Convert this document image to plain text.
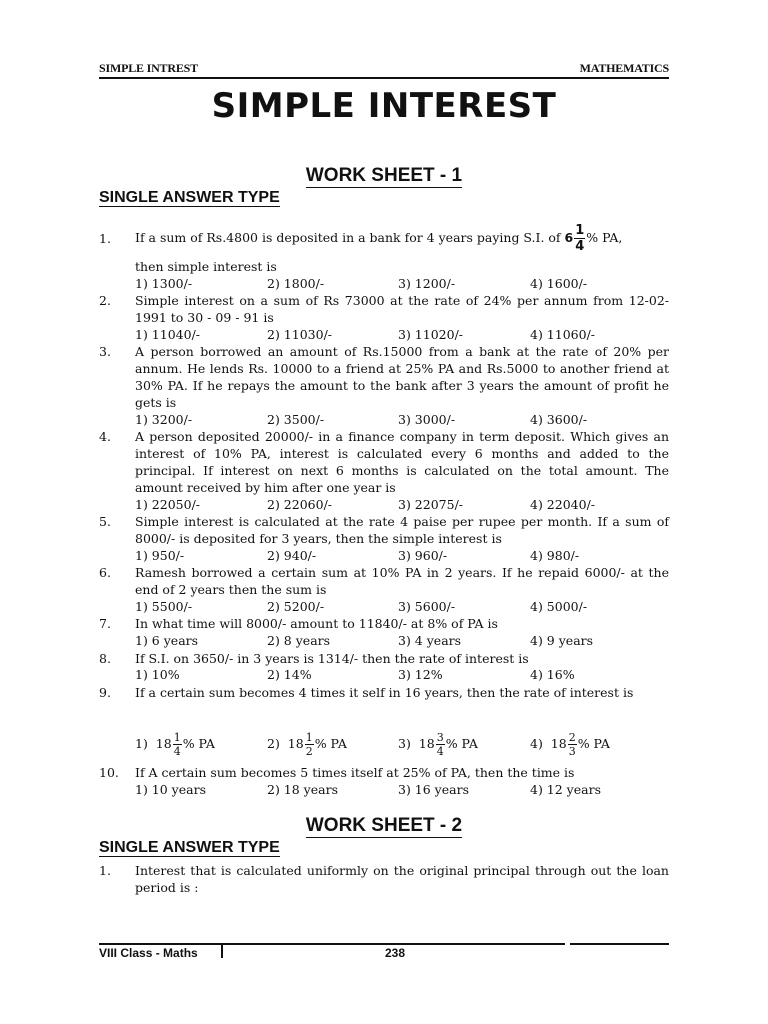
SIMPLE INTREST	MATHEMATICS
SIMPLE INTEREST
WORK SHEET - 1
SINGLE ANSWER TYPE
1. If a sum of Rs.4800 is deposited in a bank for 4 years paying S.I. of $6 \frac{1}{4}$ % PA,
then simple interest is
1) 1300/-	2) 1800/-	3) 1200/-	4) 1600/-
2. Simple interest on a sum of Rs 73000 at the rate of 24% per annum from 12-02-1991 to 30 - 09 - 91 is
1) 11040/-	2) 11030/-	3) 11020/-	4) 11060/-
3. A person borrowed an amount of Rs.15000 from a bank at the rate of 20% per annum. He lends Rs. 10000 to a friend at 25% PA and Rs.5000 to another friend at 30% PA. If he repays the amount to the bank after 3 years the amount of profit he gets is
1) 3200/-	2) 3500/-	3) 3000/-	4) 3600/-
4. A person deposited 20000/- in a finance company in term deposit. Which gives an interest of 10% PA, interest is calculated every 6 months and added to the principal. If interest on next 6 months is calculated on the total amount. The amount received by him after one year is
1) 22050/-	2) 22060/-	3) 22075/-	4) 22040/-
5. Simple interest is calculated at the rate 4 paise per rupee per month. If a sum of 8000/- is deposited for 3 years, then the simple interest is
1) 950/-	2) 940/-	3) 960/-	4) 980/-
6. Ramesh borrowed a certain sum at 10% PA in 2 years. If he repaid 6000/- at the end of 2 years then the sum is
1) 5500/-	2) 5200/-	3) 5600/-	4) 5000/-
7. In what time will 8000/- amount to 11840/- at 8% of PA is
1) 6 years	2) 8 years	3) 4 years	4) 9 years
8. If S.I. on 3650/- in 3 years is 1314/- then the rate of interest is
1) 10%	2) 14%	3) 12%	4) 16%
9. If a certain sum becomes 4 times it self in 16 years, then the rate of interest is
1) $18 \frac{1}{4}$ % PA	2) $18 \frac{1}{2}$ % PA	3) $18 \frac{3}{4}$ % PA	4) $18 \frac{2}{3}$ % PA
10. If A certain sum becomes 5 times itself at 25% of PA, then the time is
1) 10 years	2) 18 years	3) 16 years	4) 12 years
WORK SHEET - 2
SINGLE ANSWER TYPE
1. Interest that is calculated uniformly on the original principal through out the loan period is :
VIII Class - Maths	238
